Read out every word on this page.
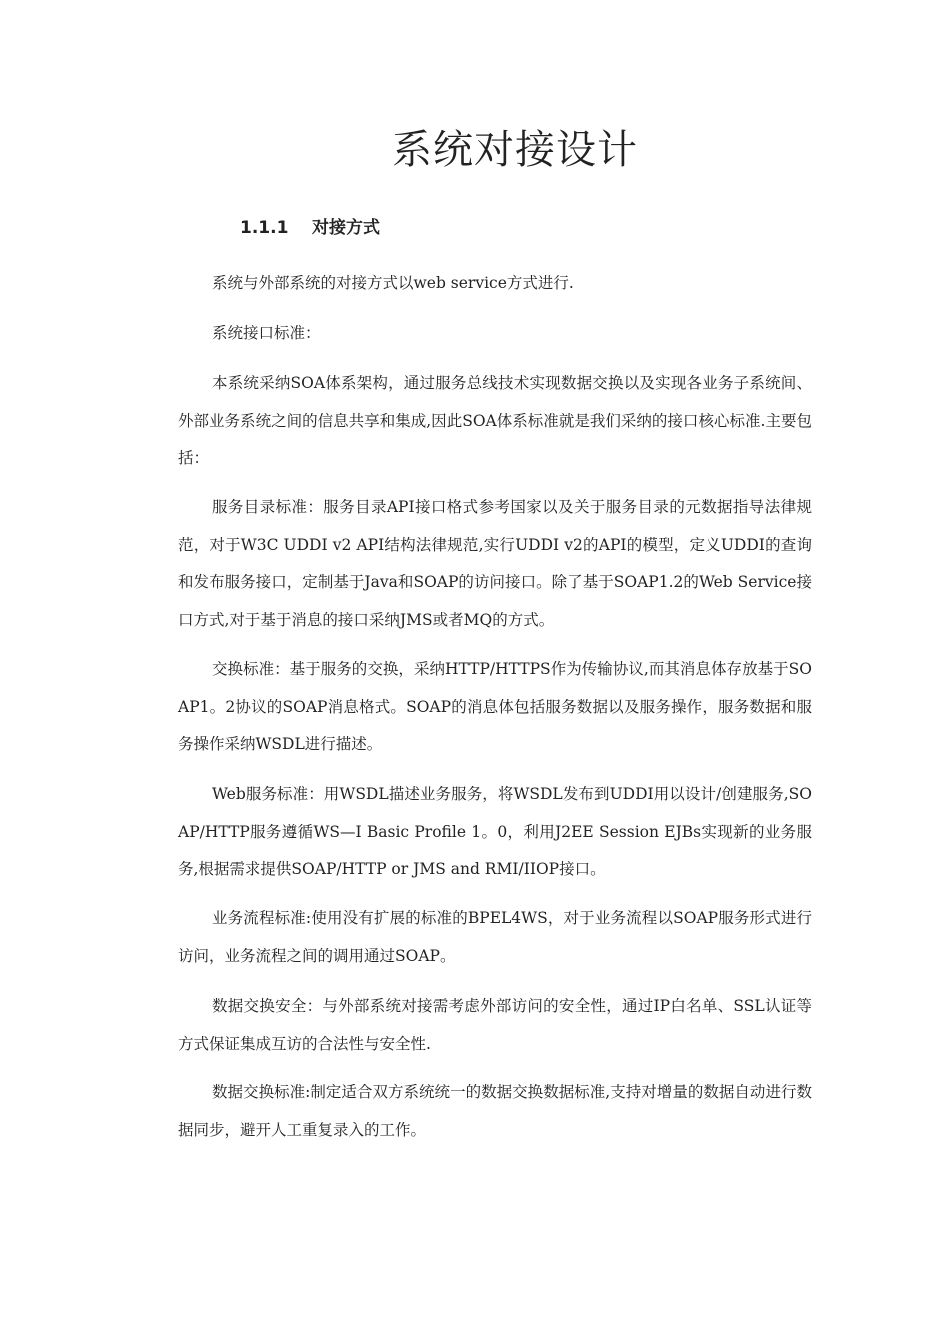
系统对接设计
1.1.1 对接方式

系统与外部系统的对接方式以web service方式进行.

系统接口标准：

本系统采纳SOA体系架构，通过服务总线技术实现数据交换以及实现各业务子系统间、外部业务系统之间的信息共享和集成,因此SOA体系标准就是我们采纳的接口核心标准.主要包括：

服务目录标准：服务目录API接口格式参考国家以及关于服务目录的元数据指导法律规范，对于W3C UDDI v2 API结构法律规范,实行UDDI v2的API的模型，定义UDDI的查询和发布服务接口，定制基于Java和SOAP的访问接口。除了基于SOAP1.2的Web Service接口方式,对于基于消息的接口采纳JMS或者MQ的方式。

交换标准：基于服务的交换，采纳HTTP/HTTPS作为传输协议,而其消息体存放基于SOAP1。2协议的SOAP消息格式。SOAP的消息体包括服务数据以及服务操作，服务数据和服务操作采纳WSDL进行描述。

Web服务标准：用WSDL描述业务服务，将WSDL发布到UDDI用以设计/创建服务,SOAP/HTTP服务遵循WS—I Basic Profile 1。0，利用J2EE Session EJBs实现新的业务服务,根据需求提供SOAP/HTTP or JMS and RMI/IIOP接口。

业务流程标准:使用没有扩展的标准的BPEL4WS，对于业务流程以SOAP服务形式进行访问，业务流程之间的调用通过SOAP。

数据交换安全：与外部系统对接需考虑外部访问的安全性，通过IP白名单、SSL认证等方式保证集成互访的合法性与安全性.

数据交换标准:制定适合双方系统统一的数据交换数据标准,支持对增量的数据自动进行数据同步，避开人工重复录入的工作。
